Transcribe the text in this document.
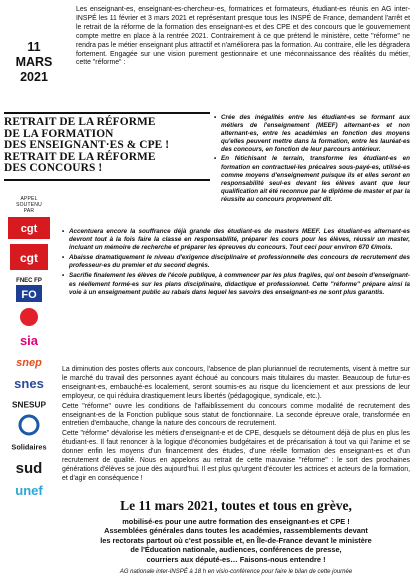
11 MARS
2021

Les enseignant-es, enseignant-es-chercheur-es, formatrices et formateurs, étudiant-es réunis en AG inter-INSPÉ les 11 février et 3 mars 2021 et représentant presque tous les INSPÉ de France, demandent l'arrêt et le retrait de la réforme de la formation des enseignant-es et des CPE et des concours que le gouvernement compte mettre en place à la rentrée 2021. Contrairement à ce que prétend le ministère, cette "réforme" ne rendra pas le métier enseignant plus attractif et n'améliorera pas la formation. Au contraire, elle les dégradera fortement. Engagée sur une vision purement gestionnaire et une méconnaissance des réalités du métier, cette "réforme" :

RETRAIT DE LA RÉFORME
DE LA FORMATION
DES ENSEIGNANT·ES & CPE !
RETRAIT DE LA RÉFORME
DES CONCOURS !
• Crée des inégalités entre les étudiant-es se formant aux métiers de l'enseignement (MEEF) alternant-es et non alternant-es, entre les académies en fonction des moyens qu'elles peuvent mettre dans la formation, entre les lauréat-es des concours, en fonction de leur parcours antérieur.
• En fétichisant le terrain, transforme les étudiant-es en formation en contractuel-les précaires sous-payé-es, utilisé-es comme moyens d'enseignement puisque ils et elles seront en responsabilité seul-es devant les élèves avant que leur qualification ait été reconnue par le diplôme de master et par la réussite au concours proprement dit.
• Accentuera encore la souffrance déjà grande des étudiant-es de masters MEEF. Les étudiant-es alternant-es devront tout à la fois faire la classe en responsabilité, préparer les cours pour les élèves, réussir un master, incluant un mémoire de recherche et préparer les épreuves du concours. Tout ceci pour environ 670 €/mois.
• Abaisse dramatiquement le niveau d'exigence disciplinaire et professionnelle des concours de recrutement des professeur-es du premier et du second degrés.
• Sacrifie finalement les élèves de l'école publique, à commencer par les plus fragiles, qui ont besoin d'enseignant-es réellement formé-es sur les plans disciplinaire, didactique et professionnel. Cette "réforme" prépare ainsi la voie à un enseignement public au rabais dans lequel les savoirs des enseignant-es ne sont plus garantis.
APPEL
SOUTENU
PAR
cgt
cgt
FNEC FP
FO
sia
snep
snes
SNESUP
Solidaires
sud
unef

La diminution des postes offerts aux concours, l'absence de plan pluriannuel de recrutements, visent à mettre sur le marché du travail des personnes ayant échoué au concours mais titulaires du master. Beaucoup de futur-es enseignant-es, embauché-es localement, seront soumis-es au risque du licenciement et aux pressions de leur employeur, ce qui réduira drastiquement leurs libertés (pédagogique, syndicale, etc.).

Cette "réforme" ouvre les conditions de l'affaiblissement du concours comme modalité de recrutement des enseignant-es de la Fonction publique sous statut de fonctionnaire. La seconde épreuve orale, transformée en entretien d'embauche, change la nature des concours de recrutement.

Cette "réforme" dévalorise les métiers d'enseignant-e et de CPE, desquels se détournent déjà de plus en plus les étudiant-es. Il faut renoncer à la logique d'économies budgétaires et de précarisation à tout va qui l'anime et se donner enfin les moyens d'un financement des études, d'une réelle formation des enseignant-es et d'un recrutement de qualité. Nous en appelons au retrait de cette mauvaise "réforme" : le sort des prochaines générations d'élèves se joue dès aujourd'hui. Il est plus qu'urgent d'écouter les actrices et acteurs de la formation, et d'agir en conséquence !

Le 11 mars 2021, toutes et tous en grève,
mobilisé-es pour une autre formation des enseignant-es et CPE !
Assemblées générales dans toutes les académies, rassemblements devant
les rectorats partout où c'est possible et, en Île-de-France devant le ministère
de l'Éducation nationale, audiences, conférences de presse,
courriers aux député-es… Faisons-nous entendre !
AG nationale inter-INSPÉ à 18 h en visio-conférence pour faire le bilan de cette journée
